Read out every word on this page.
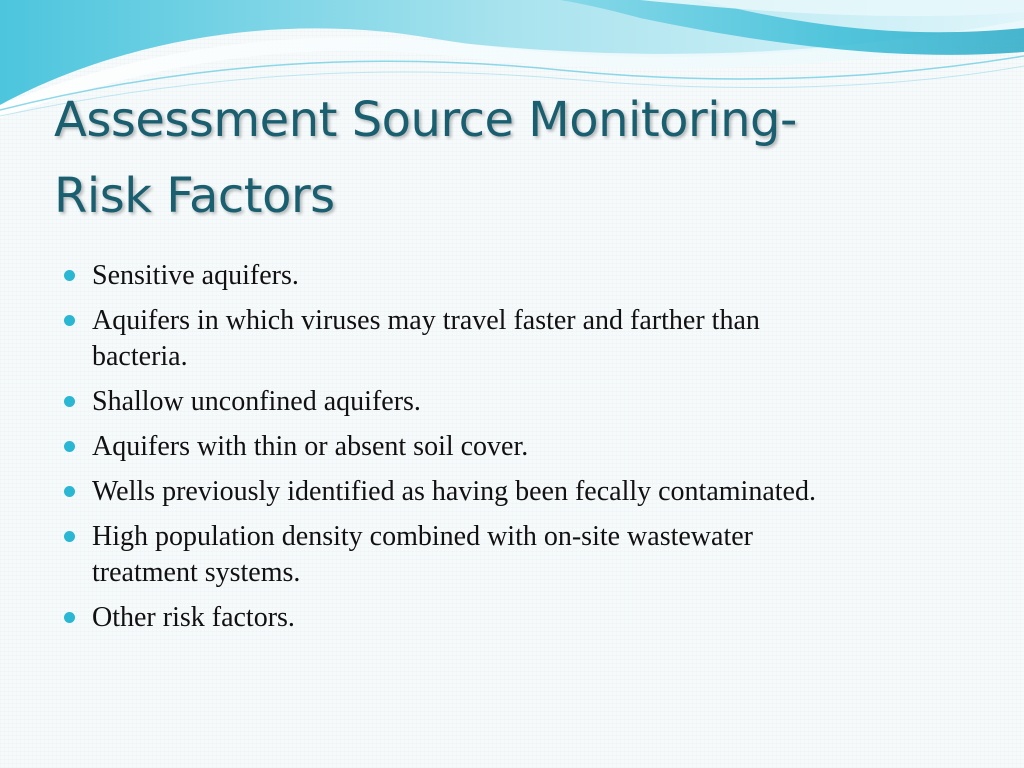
Assessment Source Monitoring-
Risk Factors
Sensitive aquifers.
Aquifers in which viruses may travel faster and farther than bacteria.
Shallow unconfined aquifers.
Aquifers with thin or absent soil cover.
Wells previously identified as having been fecally contaminated.
High population density combined with on-site wastewater treatment systems.
Other risk factors.
